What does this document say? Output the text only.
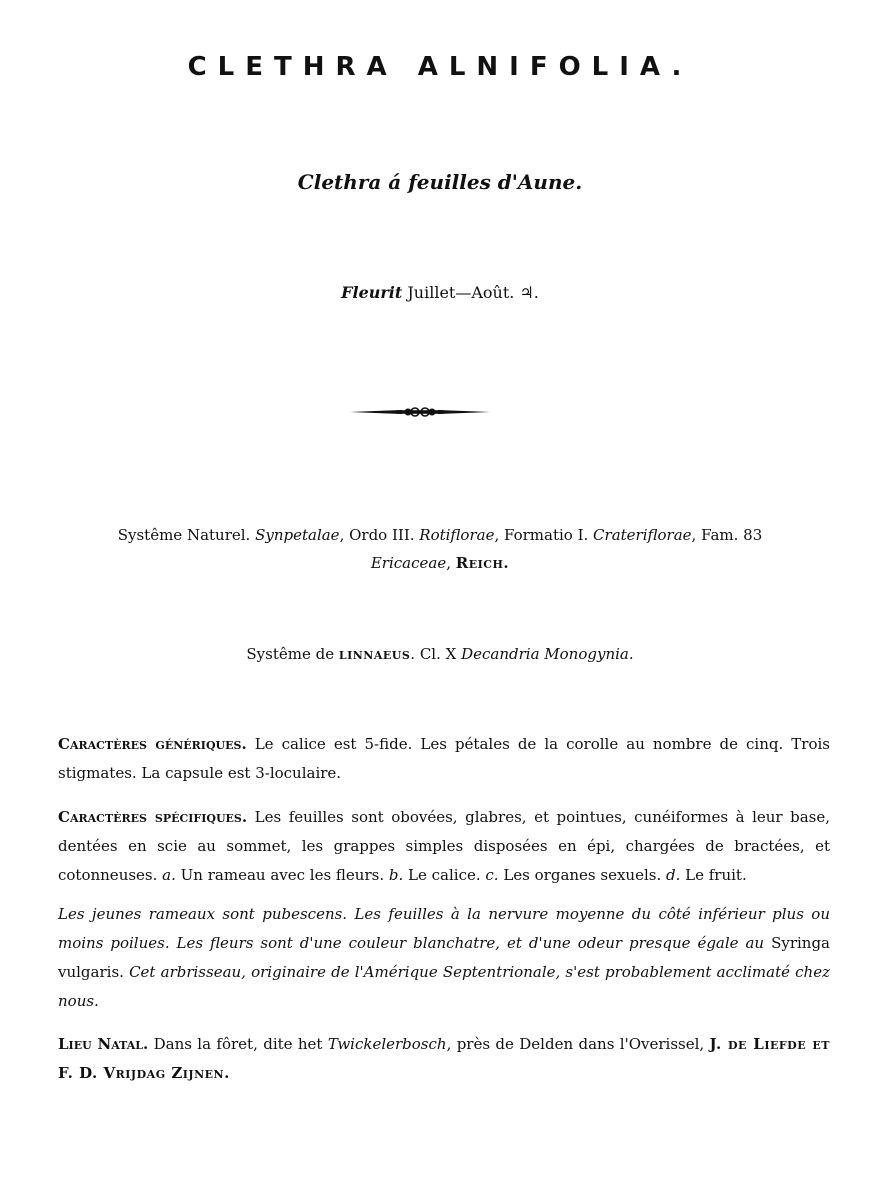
CLETHRA ALNIFOLIA.
Clethra á feuilles d'Aune.

Fleurit Juillet—Août. ♃.

Systême Naturel. Synpetalae, Ordo III. Rotiflorae, Formatio I. Crateriflorae, Fam. 83
Ericaceae, Reich.

Systême de linnaeus. Cl. X Decandria Monogynia.

Caractères génériques. Le calice est 5-fide. Les pétales de la corolle au nombre de cinq. Trois stigmates. La capsule est 3-loculaire.

Caractères spécifiques. Les feuilles sont obovées, glabres, et pointues, cunéiformes à leur base, dentées en scie au sommet, les grappes simples disposées en épi, chargées de bractées, et cotonneuses. a. Un rameau avec les fleurs. b. Le calice. c. Les organes sexuels. d. Le fruit.

Les jeunes rameaux sont pubescens. Les feuilles à la nervure moyenne du côté inférieur plus ou moins poilues. Les fleurs sont d'une couleur blanchatre, et d'une odeur presque égale au Syringa vulgaris. Cet arbrisseau, originaire de l'Amérique Septentrionale, s'est probablement acclimaté chez nous.

Lieu Natal. Dans la fôret, dite het Twickelerbosch, près de Delden dans l'Overissel, J. de Liefde et F. D. Vrijdag Zijnen.
